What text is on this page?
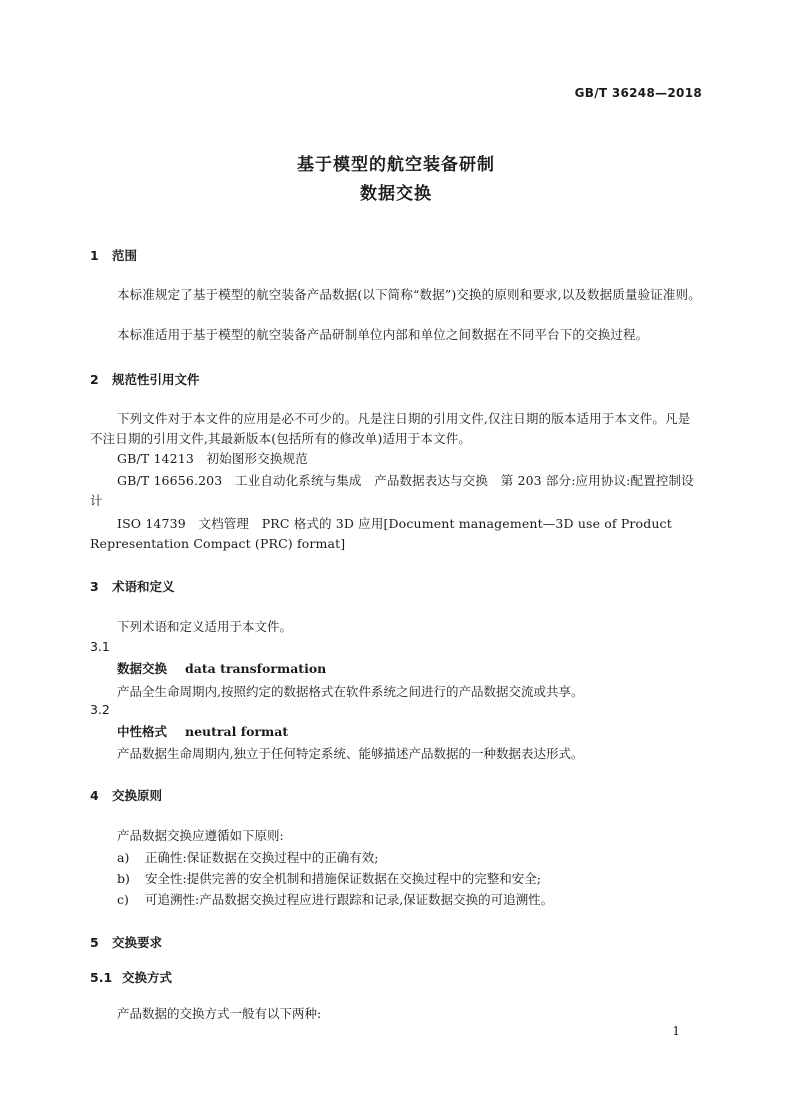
GB/T 36248—2018
基于模型的航空装备研制
数据交换
1 范围
本标准规定了基于模型的航空装备产品数据(以下简称“数据”)交换的原则和要求,以及数据质量验证准则。
本标准适用于基于模型的航空装备产品研制单位内部和单位之间数据在不同平台下的交换过程。
2 规范性引用文件
下列文件对于本文件的应用是必不可少的。凡是注日期的引用文件,仅注日期的版本适用于本文件。凡是不注日期的引用文件,其最新版本(包括所有的修改单)适用于本文件。
GB/T 14213　初始图形交换规范
GB/T 16656.203　工业自动化系统与集成　产品数据表达与交换　第 203 部分:应用协议:配置控制设计
ISO 14739　文档管理　PRC 格式的 3D 应用[Document management—3D use of Product Representation Compact (PRC) format]
3 术语和定义
下列术语和定义适用于本文件。
3.1
数据交换 data transformation
产品全生命周期内,按照约定的数据格式在软件系统之间进行的产品数据交流或共享。
3.2
中性格式 neutral format
产品数据生命周期内,独立于任何特定系统、能够描述产品数据的一种数据表达形式。
4 交换原则
产品数据交换应遵循如下原则:
a) 正确性:保证数据在交换过程中的正确有效;
b) 安全性:提供完善的安全机制和措施保证数据在交换过程中的完整和安全;
c) 可追溯性:产品数据交换过程应进行跟踪和记录,保证数据交换的可追溯性。
5 交换要求
5.1 交换方式
产品数据的交换方式一般有以下两种:
1
